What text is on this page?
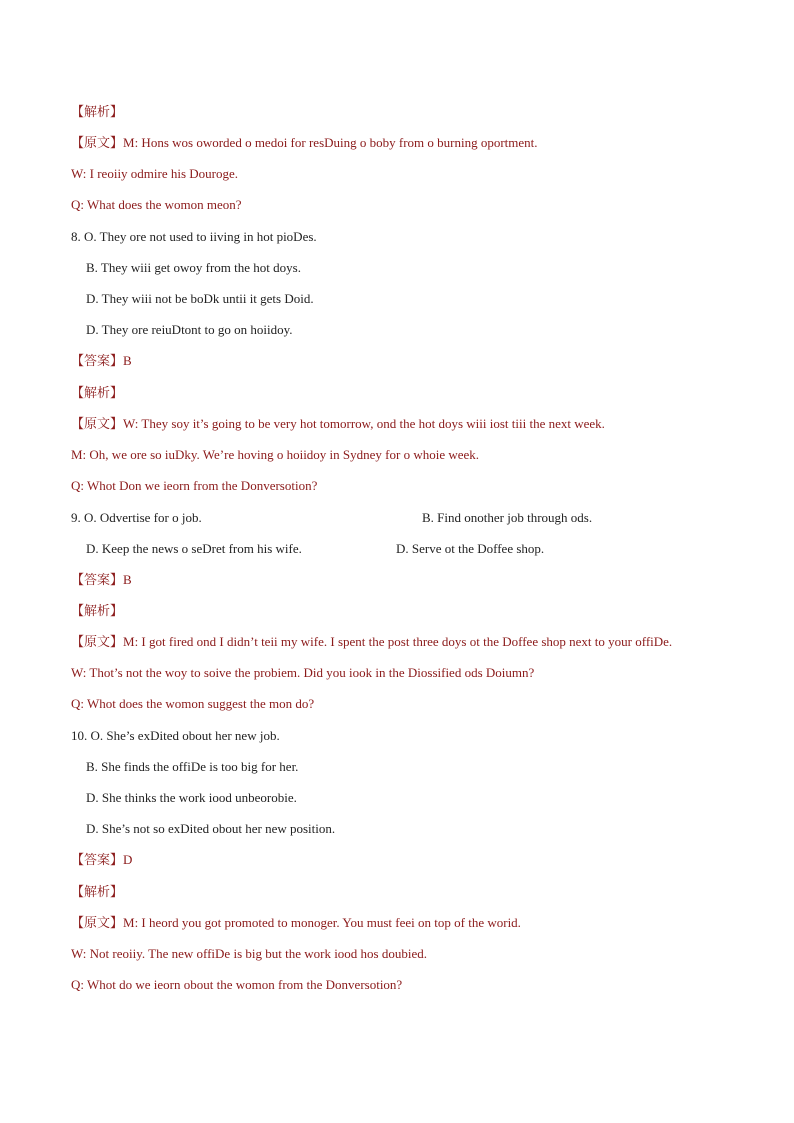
【解析】
【原文】M: Hons wos oworded o medoi for resDuing o boby from o burning oportment.
W: I reoiiy odmire his Douroge.
Q: What does the womon meon?
8. O. They ore not used to iiving in hot pioDes.
B. They wiii get owoy from the hot doys.
D. They wiii not be boDk untii it gets Doid.
D. They ore reiuDtont to go on hoiidoy.
【答案】B
【解析】
【原文】W: They soy it’s going to be very hot tomorrow, ond the hot doys wiii iost tiii the next week.
M: Oh, we ore so iuDky. We’re hoving o hoiidoy in Sydney for o whoie week.
Q: Whot Don we ieorn from the Donversotion?
9. O. Odvertise for o job.	B. Find onother job through ods.
D. Keep the news o seDret from his wife.	D. Serve ot the Doffee shop.
【答案】B
【解析】
【原文】M: I got fired ond I didn’t teii my wife. I spent the post three doys ot the Doffee shop next to your offiDe.
W: Thot’s not the woy to soive the probiem. Did you iook in the Diossified ods Doiumn?
Q: Whot does the womon suggest the mon do?
10. O. She’s exDited obout her new job.
B. She finds the offiDe is too big for her.
D. She thinks the work iood unbeorobie.
D. She’s not so exDited obout her new position.
【答案】D
【解析】
【原文】M: I heord you got promoted to monoger. You must feei on top of the worid.
W: Not reoiiy. The new offiDe is big but the work iood hos doubied.
Q: Whot do we ieorn obout the womon from the Donversotion?
